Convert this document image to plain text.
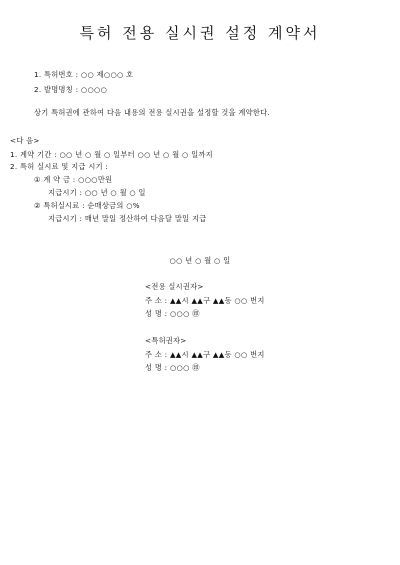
특허 전용 실시권 설정 계약서
1. 특허번호 : ○○ 제○○○ 호
2. 발명명칭 : ○○○○
상기 특허권에 관하여 다음 내용의 전용 실시권을 설정할 것을 계약한다.
<다 음>
1. 계약 기간 : ○○ 년 ○ 월 ○ 일부터 ○○ 년 ○ 월 ○ 일까지
2. 특허 실시료 및 지급 시기 :
① 계 약 금 : ○○○만원
지급시기 : ○○ 년 ○ 월 ○ 일
② 특허실시료 : 순매상금의 ○%
지급시기 : 매년 말일 정산하여 다음달 말일 지급
○○ 년 ○ 월 ○ 일
<전용 실시권자>
주 소 : ▲▲시 ▲▲구 ▲▲동 ○○ 번지
성 명 : ○○○ ㊞
<특허권자>
주 소 : ▲▲시 ▲▲구 ▲▲동 ○○ 번지
성 명 : ○○○ ㊞
